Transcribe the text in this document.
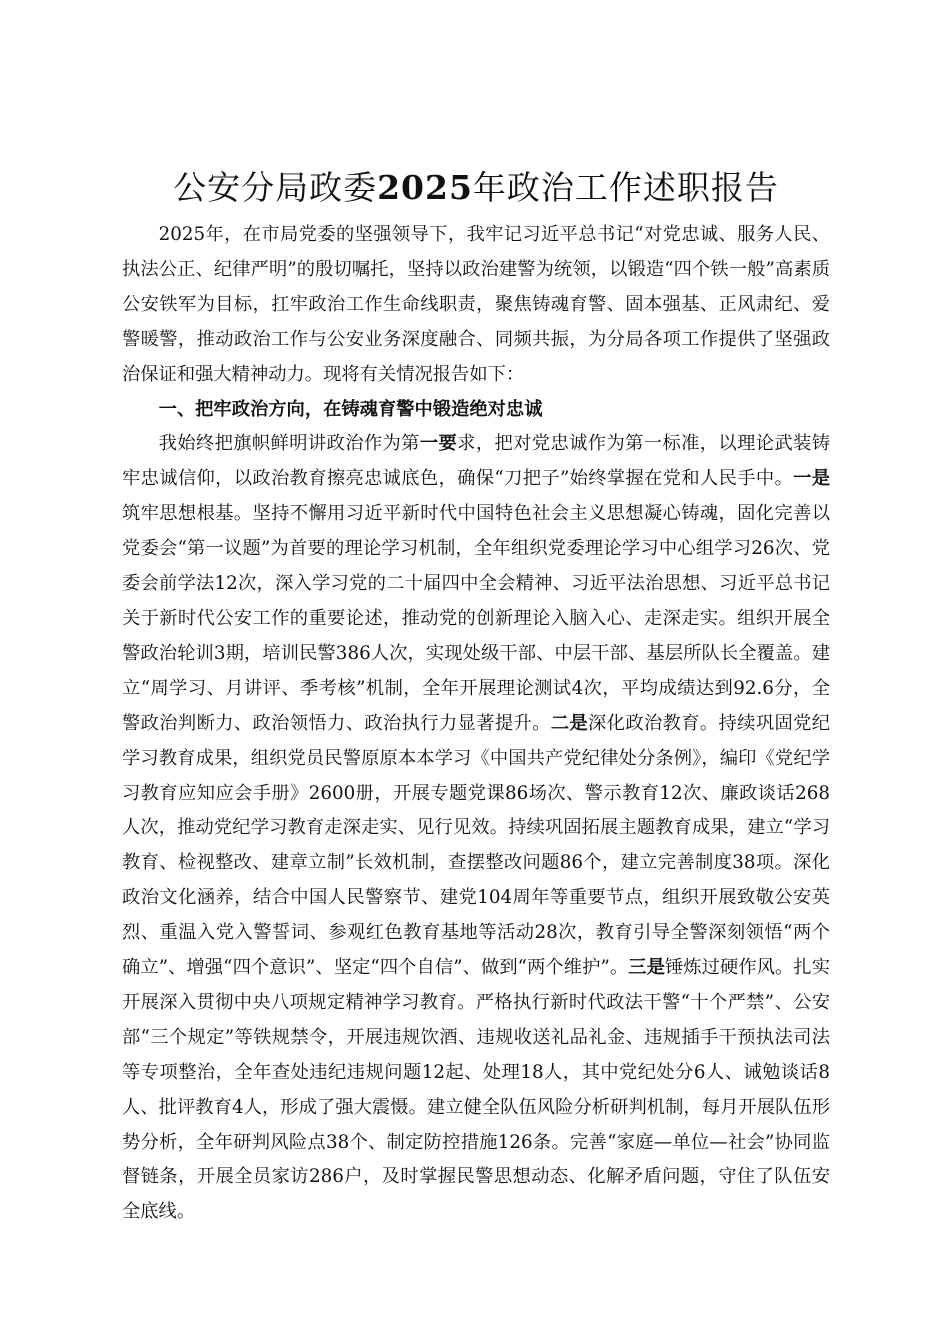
公安分局政委2025年政治工作述职报告

2025年，在市局党委的坚强领导下，我牢记习近平总书记“对党忠诚、服务人民、执法公正、纪律严明”的殷切嘱托，坚持以政治建警为统领，以锻造“四个铁一般”高素质公安铁军为目标，扛牢政治工作生命线职责，聚焦铸魂育警、固本强基、正风肃纪、爱警暖警，推动政治工作与公安业务深度融合、同频共振，为分局各项工作提供了坚强政治保证和强大精神动力。现将有关情况报告如下：

一、把牢政治方向，在铸魂育警中锻造绝对忠诚

我始终把旗帜鲜明讲政治作为第一要求，把对党忠诚作为第一标准，以理论武装铸牢忠诚信仰，以政治教育擦亮忠诚底色，确保“刀把子”始终掌握在党和人民手中。一是筑牢思想根基。坚持不懈用习近平新时代中国特色社会主义思想凝心铸魂，固化完善以党委会“第一议题”为首要的理论学习机制，全年组织党委理论学习中心组学习26次、党委会前学法12次，深入学习党的二十届四中全会精神、习近平法治思想、习近平总书记关于新时代公安工作的重要论述，推动党的创新理论入脑入心、走深走实。组织开展全警政治轮训3期，培训民警386人次，实现处级干部、中层干部、基层所队长全覆盖。建立“周学习、月讲评、季考核”机制，全年开展理论测试4次，平均成绩达到92.6分，全警政治判断力、政治领悟力、政治执行力显著提升。二是深化政治教育。持续巩固党纪学习教育成果，组织党员民警原原本本学习《中国共产党纪律处分条例》，编印《党纪学习教育应知应会手册》2600册，开展专题党课86场次、警示教育12次、廉政谈话268人次，推动党纪学习教育走深走实、见行见效。持续巩固拓展主题教育成果，建立“学习教育、检视整改、建章立制”长效机制，查摆整改问题86个，建立完善制度38项。深化政治文化涵养，结合中国人民警察节、建党104周年等重要节点，组织开展致敬公安英烈、重温入党入警誓词、参观红色教育基地等活动28次，教育引导全警深刻领悟“两个确立”、增强“四个意识”、坚定“四个自信”、做到“两个维护”。三是锤炼过硬作风。扎实开展深入贯彻中央八项规定精神学习教育。严格执行新时代政法干警“十个严禁”、公安部“三个规定”等铁规禁令，开展违规饮酒、违规收送礼品礼金、违规插手干预执法司法等专项整治，全年查处违纪违规问题12起、处理18人，其中党纪处分6人、诫勉谈话8人、批评教育4人，形成了强大震慑。建立健全队伍风险分析研判机制，每月开展队伍形势分析，全年研判风险点38个、制定防控措施126条。完善“家庭—单位—社会”协同监督链条，开展全员家访286户，及时掌握民警思想动态、化解矛盾问题，守住了队伍安全底线。
